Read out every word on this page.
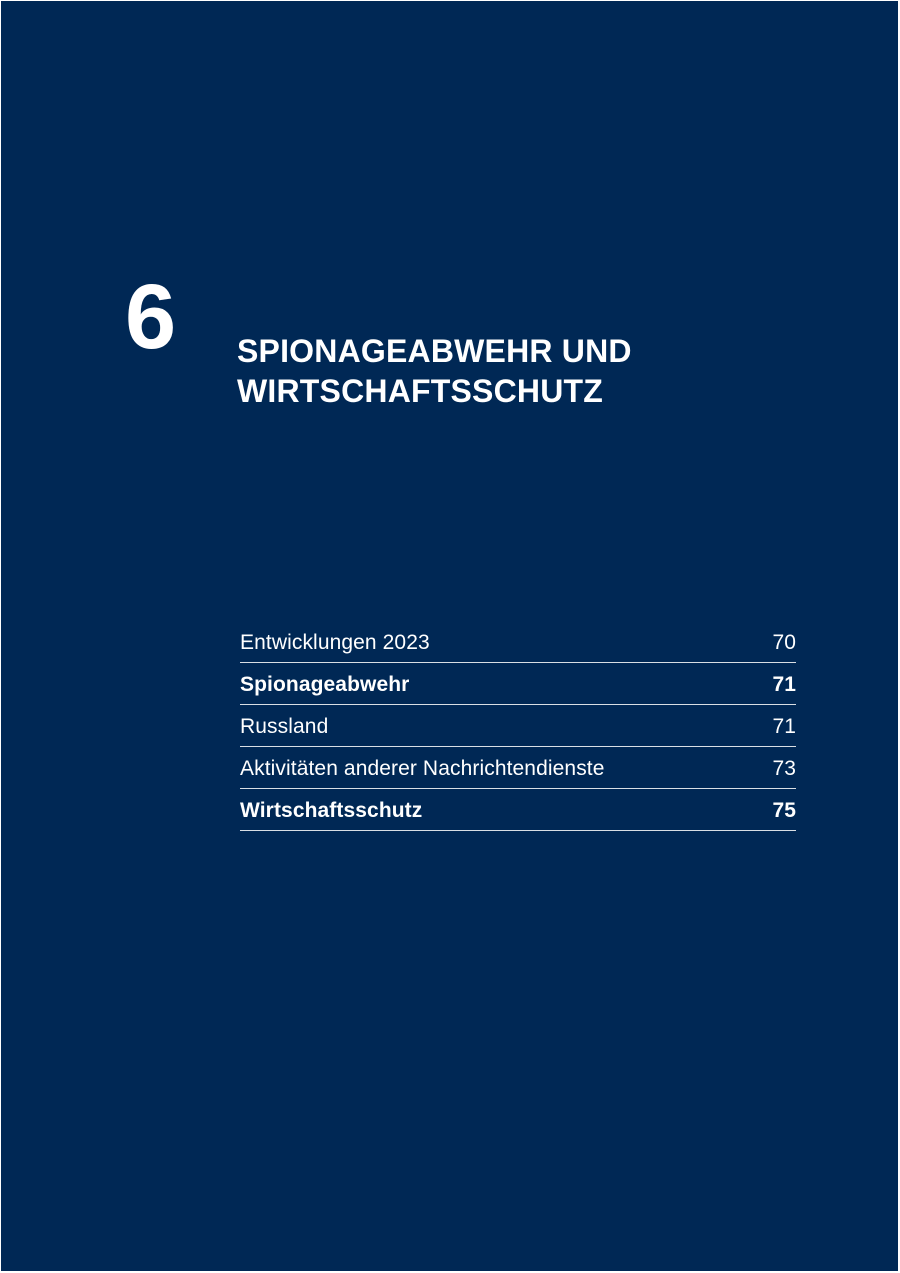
6 SPIONAGEABWEHR UND
WIRTSCHAFTSSCHUTZ
Entwicklungen 2023	70
Spionageabwehr	71
Russland	71
Aktivitäten anderer Nachrichtendienste	73
Wirtschaftsschutz	75
